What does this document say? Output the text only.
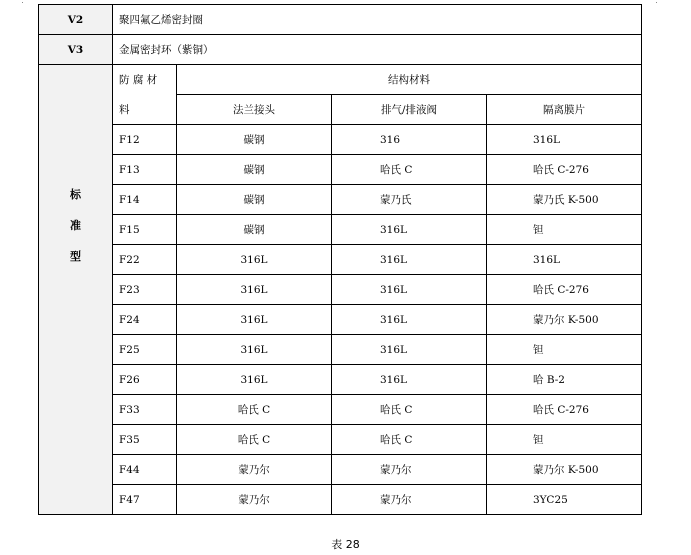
V2	聚四氟乙烯密封圈			
V3	金属密封环（紫铜）			

标
准
型	防 腐 材	结构材料		
	料	法兰接头	排气/排液阀	隔离膜片
	F12	碳钢	316	316L
	F13	碳钢	哈氏 C	哈氏 C-276
	F14	碳钢	蒙乃氏	蒙乃氏 K-500
	F15	碳钢	316L	钽
	F22	316L	316L	316L
	F23	316L	316L	哈氏 C-276
	F24	316L	316L	蒙乃尔 K-500
	F25	316L	316L	钽
	F26	316L	316L	哈 B-2
	F33	哈氏 C	哈氏 C	哈氏 C-276
	F35	哈氏 C	哈氏 C	钽
	F44	蒙乃尔	蒙乃尔	蒙乃尔 K-500
	F47	蒙乃尔	蒙乃尔	3YC25
表 28
